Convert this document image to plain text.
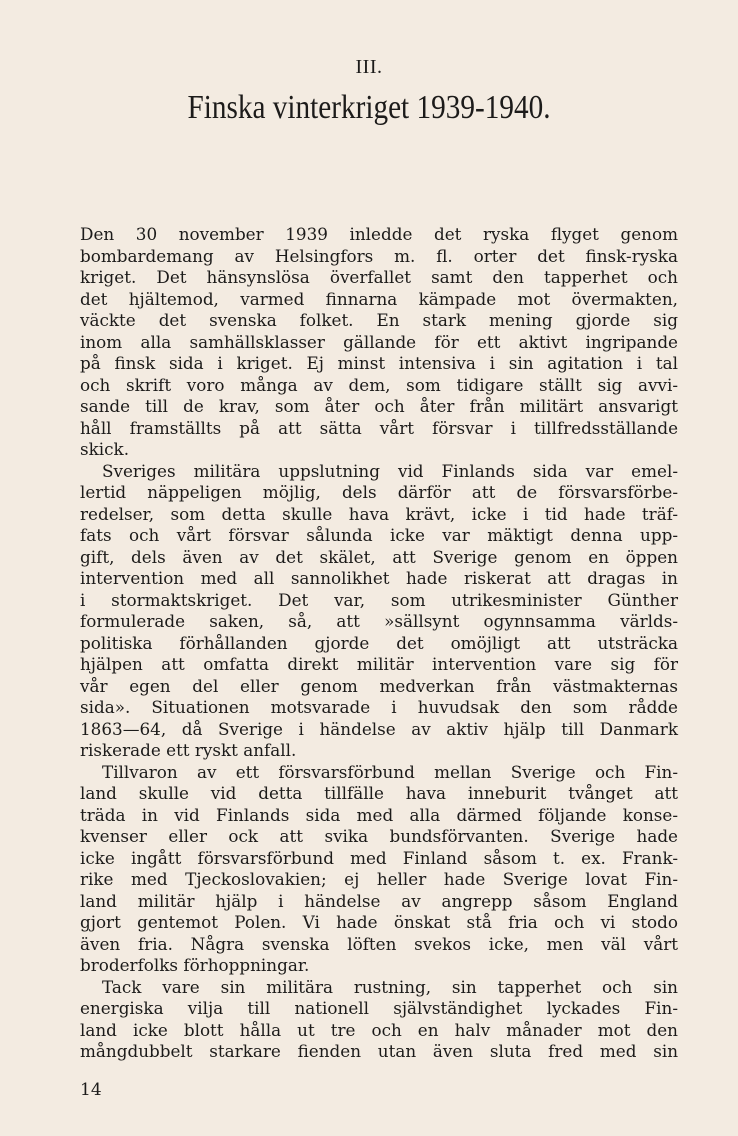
III.
Finska vinterkriget 1939-1940.
Den 30 november 1939 inledde det ryska flyget genom
bombardemang av Helsingfors m. fl. orter det finsk-ryska
kriget. Det hänsynslösa överfallet samt den tapperhet och
det hjältemod, varmed finnarna kämpade mot övermakten,
väckte det svenska folket. En stark mening gjorde sig
inom alla samhällsklasser gällande för ett aktivt ingripande
på finsk sida i kriget. Ej minst intensiva i sin agitation i tal
och skrift voro många av dem, som tidigare ställt sig avvi-
sande till de krav, som åter och åter från militärt ansvarigt
håll framställts på att sätta vårt försvar i tillfredsställande
skick.
Sveriges militära uppslutning vid Finlands sida var emel-
lertid näppeligen möjlig, dels därför att de försvarsförbe-
redelser, som detta skulle hava krävt, icke i tid hade träf-
fats och vårt försvar sålunda icke var mäktigt denna upp-
gift, dels även av det skälet, att Sverige genom en öppen
intervention med all sannolikhet hade riskerat att dragas in
i stormaktskriget. Det var, som utrikesminister Günther
formulerade saken, så, att »sällsynt ogynnsamma världs-
politiska förhållanden gjorde det omöjligt att utsträcka
hjälpen att omfatta direkt militär intervention vare sig för
vår egen del eller genom medverkan från västmakternas
sida». Situationen motsvarade i huvudsak den som rådde
1863—64, då Sverige i händelse av aktiv hjälp till Danmark
riskerade ett ryskt anfall.
Tillvaron av ett försvarsförbund mellan Sverige och Fin-
land skulle vid detta tillfälle hava inneburit tvånget att
träda in vid Finlands sida med alla därmed följande konse-
kvenser eller ock att svika bundsförvanten. Sverige hade
icke ingått försvarsförbund med Finland såsom t. ex. Frank-
rike med Tjeckoslovakien; ej heller hade Sverige lovat Fin-
land militär hjälp i händelse av angrepp såsom England
gjort gentemot Polen. Vi hade önskat stå fria och vi stodo
även fria. Några svenska löften svekos icke, men väl vårt
broderfolks förhoppningar.
Tack vare sin militära rustning, sin tapperhet och sin
energiska vilja till nationell självständighet lyckades Fin-
land icke blott hålla ut tre och en halv månader mot den
mångdubbelt starkare fienden utan även sluta fred med sin
14
